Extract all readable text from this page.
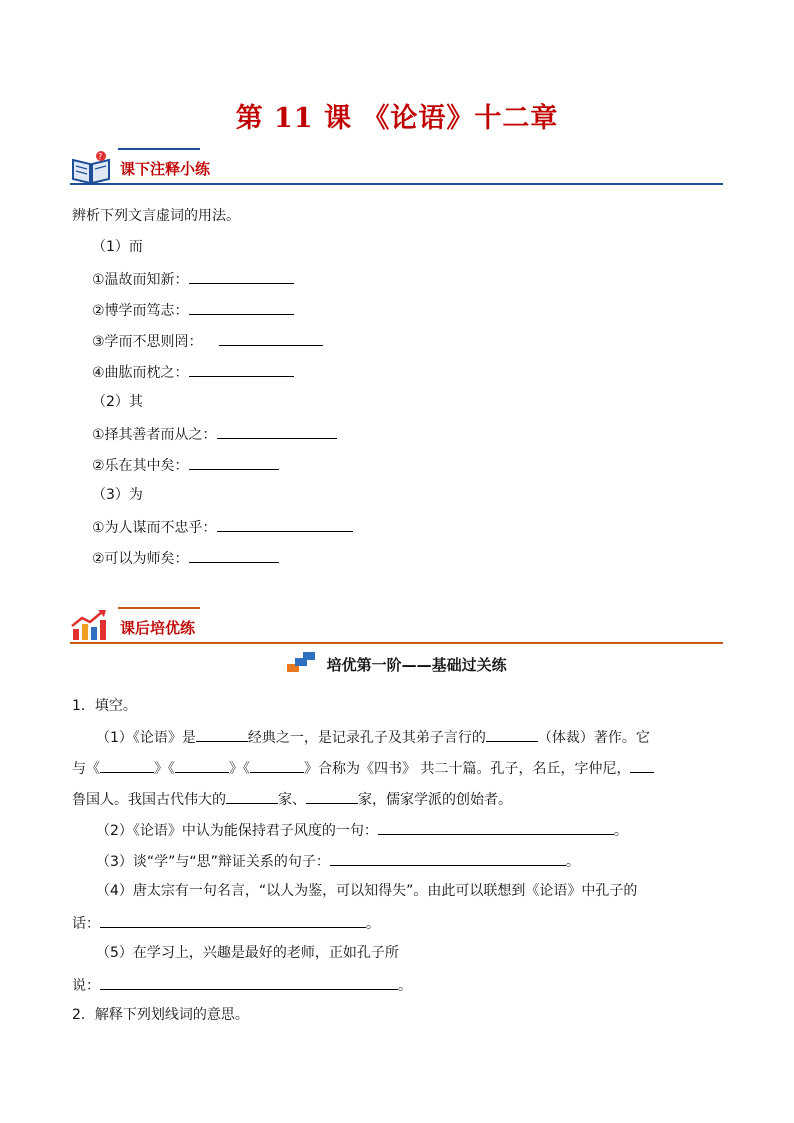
第 11 课 《论语》十二章
?
课下注释小练
辨析下列文言虚词的用法。
（1）而
①温故而知新：
②博学而笃志：
③学而不思则罔：
④曲肱而枕之：
（2）其
①择其善者而从之：
②乐在其中矣：
（3）为
①为人谋而不忠乎：
②可以为师矣：
课后培优练
培优第一阶——基础过关练
1．填空。
（1）《论语》是	经典之一，是记录孔子及其弟子言行的	（体裁）著作。它
与《	》《	》《	》合称为《四书》 共二十篇。孔子，名丘，字仲尼，
鲁国人。我国古代伟大的	家、	家，儒家学派的创始者。
（2）《论语》中认为能保持君子风度的一句：	。
（3）谈“学”与“思”辩证关系的句子：	。
（4）唐太宗有一句名言，“以人为鉴，可以知得失”。由此可以联想到《论语》中孔子的
话：	。
（5）在学习上，兴趣是最好的老师，正如孔子所
说：	。
2．解释下列划线词的意思。
